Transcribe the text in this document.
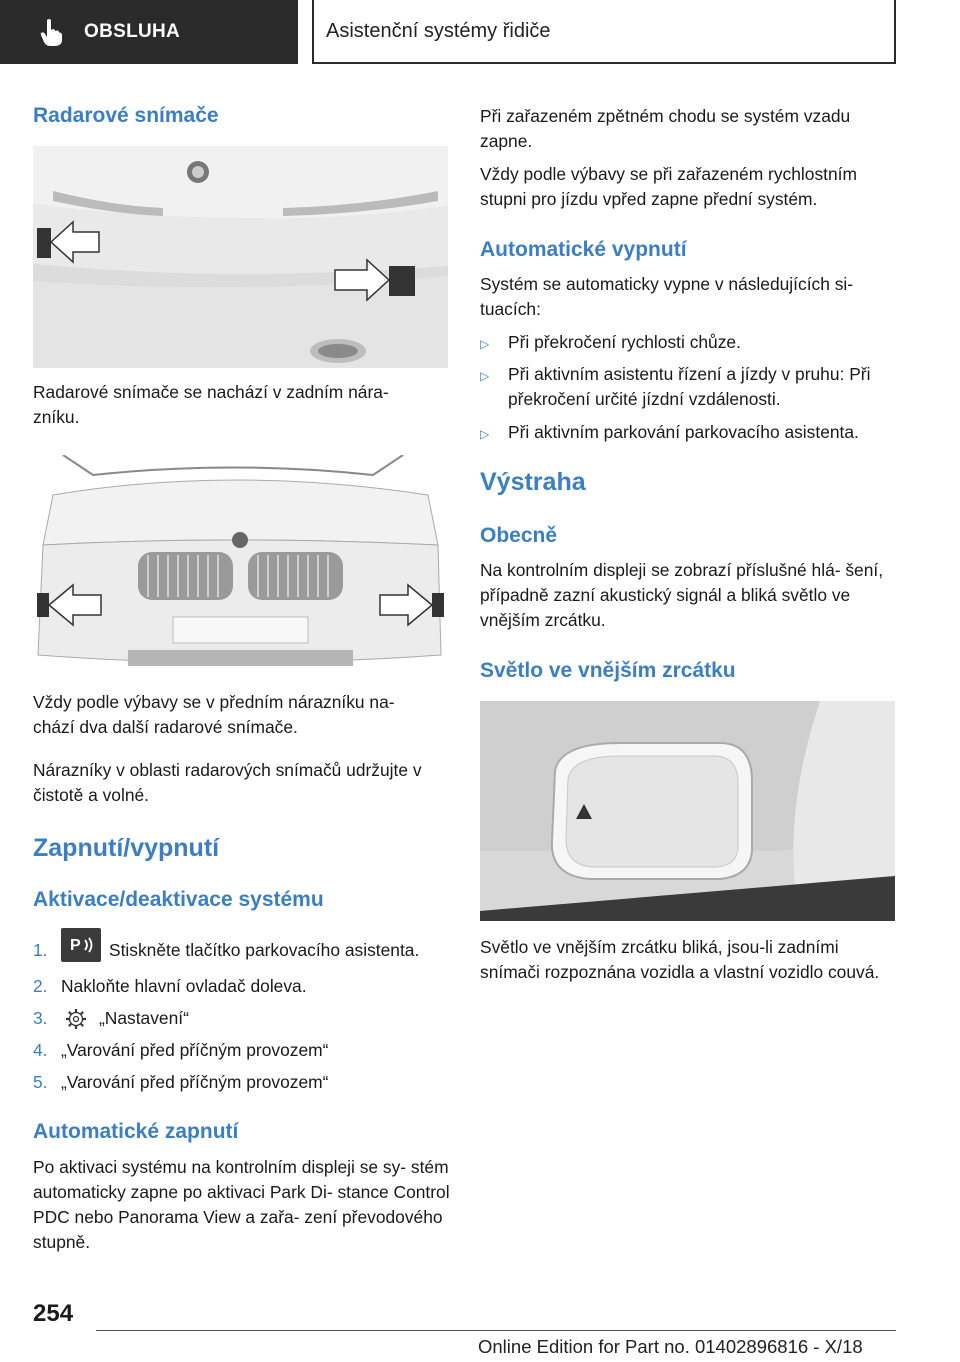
OBSLUHA	Asistenční systémy řidiče
Radarové snímače
Radarové snímače se nachází v zadním nára‐ zníku.
Vždy podle výbavy se v předním nárazníku na‐ chází dva další radarové snímače.
Nárazníky v oblasti radarových snímačů udržujte v čistotě a volné.
Zapnutí/vypnutí
Aktivace/deaktivace systému
1.	P Stiskněte tlačítko parkovacího asistenta.
2. Nakloňte hlavní ovladač doleva.
3.	„Nastavení“
4. „Varování před příčným provozem“
5. „Varování před příčným provozem“
Automatické zapnutí
Po aktivaci systému na kontrolním displeji se sy‐ stém automaticky zapne po aktivaci Park Di‐ stance Control PDC nebo Panorama View a zařa‐ zení převodového stupně.
Při zařazeném zpětném chodu se systém vzadu zapne.
Vždy podle výbavy se při zařazeném rychlostním stupni pro jízdu vpřed zapne přední systém.
Automatické vypnutí
Systém se automaticky vypne v následujících si‐ tuacích:
▷	Při překročení rychlosti chůze.
▷	Při aktivním asistentu řízení a jízdy v pruhu: Při překročení určité jízdní vzdálenosti.
▷	Při aktivním parkování parkovacího asistenta.
Výstraha
Obecně
Na kontrolním displeji se zobrazí příslušné hlá‐ šení, případně zazní akustický signál a bliká světlo ve vnějším zrcátku.
Světlo ve vnějším zrcátku
Světlo ve vnějším zrcátku bliká, jsou-li zadními snímači rozpoznána vozidla a vlastní vozidlo couvá.
254
Online Edition for Part no. 01402896816 - X/18
